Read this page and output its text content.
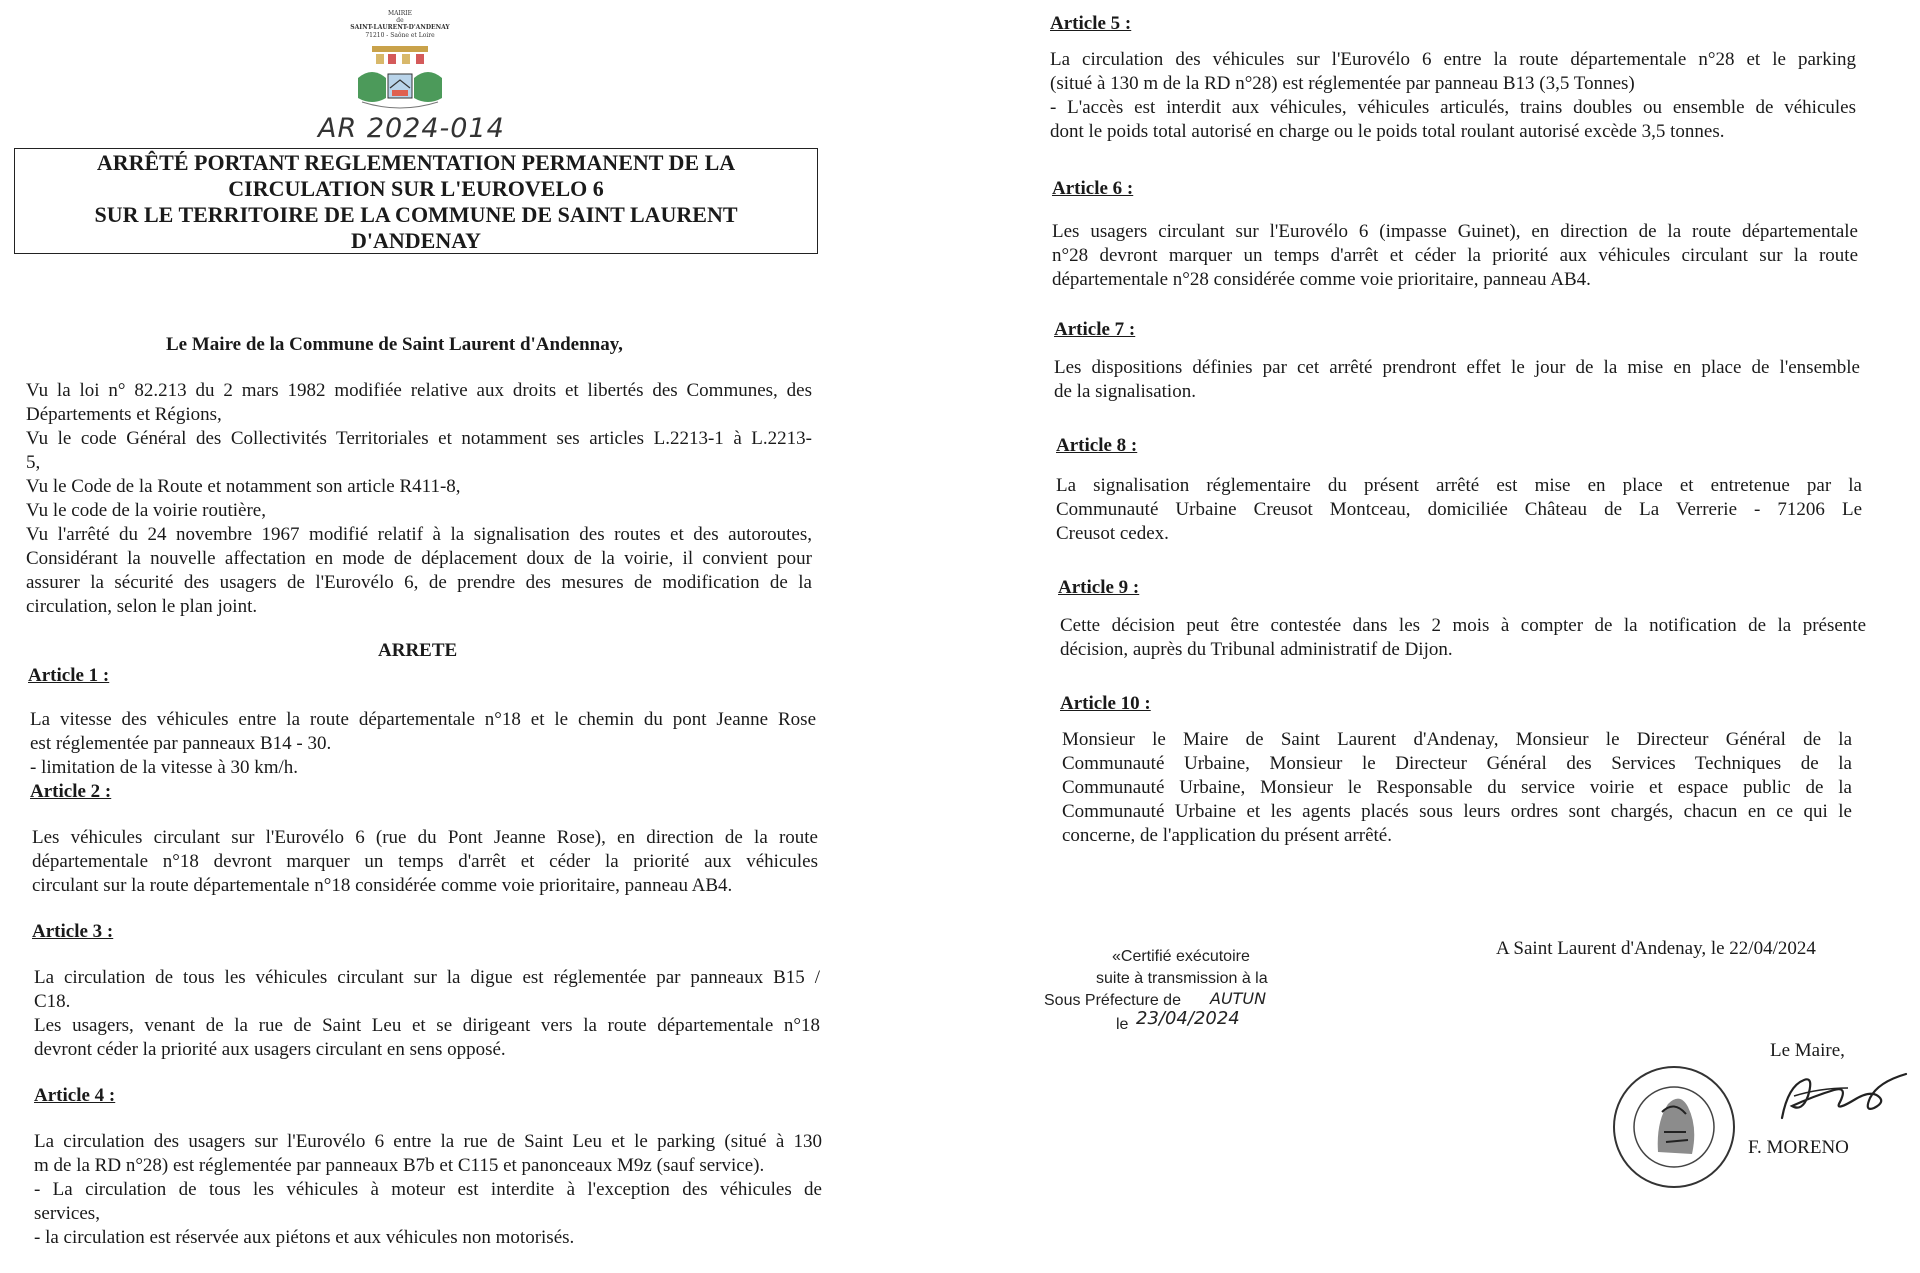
MAIRIE
de
SAINT-LAURENT-D'ANDENAY
71210 - Saône et Loire
AR 2024-014
ARRÊTÉ PORTANT REGLEMENTATION PERMANENT DE LA
CIRCULATION SUR L'EUROVELO 6
SUR LE TERRITOIRE DE LA COMMUNE DE SAINT LAURENT
D'ANDENAY
Le Maire de la Commune de Saint Laurent d'Andennay,
Vu la loi n° 82.213 du 2 mars 1982 modifiée relative aux droits et libertés des Communes, des
Départements et Régions,
Vu le code Général des Collectivités Territoriales et notamment ses articles L.2213-1 à L.2213-
5,
Vu le Code de la Route et notamment son article R411-8,
Vu le code de la voirie routière,
Vu l'arrêté du 24 novembre 1967 modifié relatif à la signalisation des routes et des autoroutes,
Considérant la nouvelle affectation en mode de déplacement doux de la voirie, il convient pour
assurer la sécurité des usagers de l'Eurovélo 6, de prendre des mesures de modification de la
circulation, selon le plan joint.
ARRETE
Article 1 :
La vitesse des véhicules entre la route départementale n°18 et le chemin du pont Jeanne Rose
est réglementée par panneaux B14 - 30.
- limitation de la vitesse à 30 km/h.
Article 2 :
Les véhicules circulant sur l'Eurovélo 6 (rue du Pont Jeanne Rose), en direction de la route
départementale n°18 devront marquer un temps d'arrêt et céder la priorité aux véhicules
circulant sur la route départementale n°18 considérée comme voie prioritaire, panneau AB4.
Article 3 :
La circulation de tous les véhicules circulant sur la digue est réglementée par panneaux B15 /
C18.
Les usagers, venant de la rue de Saint Leu et se dirigeant vers la route départementale n°18
devront céder la priorité aux usagers circulant en sens opposé.
Article 4 :
La circulation des usagers sur l'Eurovélo 6 entre la rue de Saint Leu et le parking (situé à 130
m de la RD n°28) est réglementée par panneaux B7b et C115 et panonceaux M9z (sauf service).
- La circulation de tous les véhicules à moteur est interdite à l'exception des véhicules de
services,
- la circulation est réservée aux piétons et aux véhicules non motorisés.
Article 5 :
La circulation des véhicules sur l'Eurovélo 6 entre la route départementale n°28 et le parking
(situé à 130 m de la RD n°28) est réglementée par panneau B13 (3,5 Tonnes)
- L'accès est interdit aux véhicules, véhicules articulés, trains doubles ou ensemble de véhicules
dont le poids total autorisé en charge ou le poids total roulant autorisé excède 3,5 tonnes.
Article 6 :
Les usagers circulant sur l'Eurovélo 6 (impasse Guinet), en direction de la route départementale
n°28 devront marquer un temps d'arrêt et céder la priorité aux véhicules circulant sur la route
départementale n°28 considérée comme voie prioritaire, panneau AB4.
Article 7 :
Les dispositions définies par cet arrêté prendront effet le jour de la mise en place de l'ensemble
de la signalisation.
Article 8 :
La signalisation réglementaire du présent arrêté est mise en place et entretenue par la
Communauté Urbaine Creusot Montceau, domiciliée Château de La Verrerie - 71206 Le
Creusot cedex.
Article 9 :
Cette décision peut être contestée dans les 2 mois à compter de la notification de la présente
décision, auprès du Tribunal administratif de Dijon.
Article 10 :
Monsieur le Maire de Saint Laurent d'Andenay, Monsieur le Directeur Général de la
Communauté Urbaine, Monsieur le Directeur Général des Services Techniques de la
Communauté Urbaine, Monsieur le Responsable du service voirie et espace public de la
Communauté Urbaine et les agents placés sous leurs ordres sont chargés, chacun en ce qui le
concerne, de l'application du présent arrêté.
«Certifié exécutoire
suite à transmission à la
Sous Préfecture de AUTUN
le 23/04/2024
A Saint Laurent d'Andenay, le 22/04/2024
Le Maire,
F. MORENO
